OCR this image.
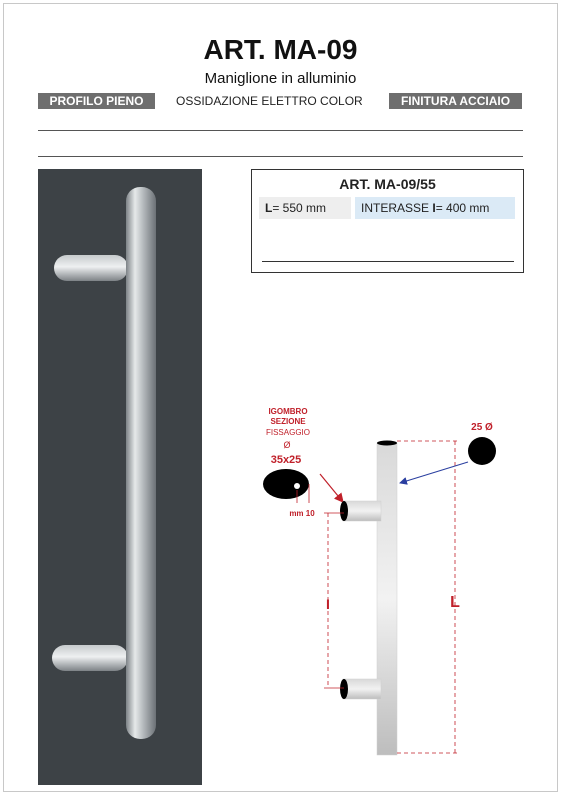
ART. MA-09
Maniglione in alluminio
PROFILO PIENO	OSSIDAZIONE ELETTRO COLOR	FINITURA ACCIAIO
ART. MA-09/55
L= 550 mm	INTERASSE I= 400 mm
IGOMBRO
SEZIONE
FISSAGGIO
Ø
35x25
mm 10
I	L
25 Ø
